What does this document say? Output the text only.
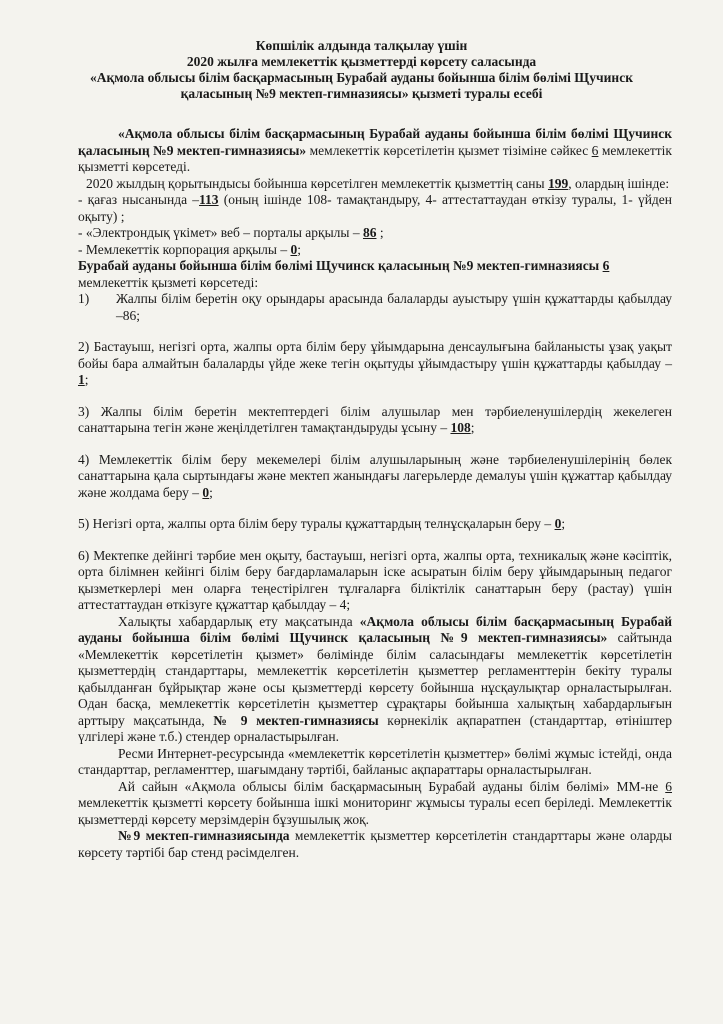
Көпшілік алдында талқылау үшін
2020 жылға мемлекеттік қызметтерді көрсету саласында
«Ақмола облысы білім басқармасының Бурабай ауданы бойынша білім бөлімі Щучинск
қаласының №9 мектеп-гимназиясы» қызметі туралы есебі

«Ақмола облысы білім басқармасының Бурабай ауданы бойынша білім бөлімі Щучинск қаласының №9 мектеп-гимназиясы» мемлекеттік көрсетілетін қызмет тізіміне сәйкес 6 мемлекеттік қызметті көрсетеді.

2020 жылдың қорытындысы бойынша көрсетілген мемлекеттік қызметтің саны 199, олардың ішінде:

- қағаз нысанында –113 (оның ішінде 108- тамақтандыру, 4- аттестаттаудан өткізу туралы, 1- үйден оқыту) ;

- «Электрондық үкімет» веб – порталы арқылы – 86 ;

- Мемлекеттік корпорация арқылы – 0;

Бурабай ауданы бойынша білім бөлімі Щучинск қаласының №9 мектеп-гимназиясы 6
мемлекеттік қызметі көрсетеді:

1)	Жалпы білім беретін оқу орындары арасында балаларды ауыстыру үшін құжаттарды қабылдау –86;

2) Бастауыш, негізгі орта, жалпы орта білім беру ұйымдарына денсаулығына байланысты ұзақ уақыт бойы бара алмайтын балаларды үйде жеке тегін оқытуды ұйымдастыру үшін құжаттарды қабылдау – 1;

3) Жалпы білім беретін мектептердегі білім алушылар мен тәрбиеленушілердің жекелеген санаттарына тегін және жеңілдетілген тамақтандыруды ұсыну – 108;

4) Мемлекеттік білім беру мекемелері білім алушыларының және тәрбиеленушілерінің бөлек санаттарына қала сыртындағы және мектеп жанындағы лагерьлерде демалуы үшін құжаттар қабылдау және жолдама беру – 0;

5) Негізгі орта, жалпы орта білім беру туралы құжаттардың телнұсқаларын беру – 0;

6) Мектепке дейінгі тәрбие мен оқыту, бастауыш, негізгі орта, жалпы орта, техникалық және кәсіптік, орта білімнен кейінгі білім беру бағдарламаларын іске асыратын білім беру ұйымдарының педагог қызметкерлері мен оларға теңестірілген тұлғаларға біліктілік санаттарын беру (растау) үшін аттестаттаудан өткізуге құжаттар қабылдау – 4;

Халықты хабардарлық ету мақсатында «Ақмола облысы білім басқармасының Бурабай ауданы бойынша білім бөлімі Щучинск қаласының №9 мектеп-гимназиясы» сайтында «Мемлекеттік көрсетілетін қызмет» бөлімінде білім саласындағы мемлекеттік көрсетілетін қызметтердің стандарттары, мемлекеттік көрсетілетін қызметтер регламенттерін бекіту туралы қабылданған бұйрықтар және осы қызметтерді көрсету бойынша нұсқаулықтар орналастырылған. Одан басқа, мемлекеттік көрсетілетін қызметтер сұрақтары бойынша халықтың хабардарлығын арттыру мақсатында, № 9 мектеп-гимназиясы көрнекілік ақпаратпен (стандарттар, өтініштер үлгілері және т.б.) стендер орналастырылған.

Ресми Интернет-ресурсында «мемлекеттік көрсетілетін қызметтер» бөлімі жұмыс істейді, онда стандарттар, регламенттер, шағымдану тәртібі, байланыс ақпараттары орналастырылған.

Ай сайын «Ақмола облысы білім басқармасының Бурабай ауданы білім бөлімі» ММ-не 6 мемлекеттік қызметті көрсету бойынша ішкі мониторинг жұмысы туралы есеп беріледі. Мемлекеттік қызметтерді көрсету мерзімдерін бұзушылық жоқ.

№9 мектеп-гимназиясында мемлекеттік қызметтер көрсетілетін стандарттары және оларды көрсету тәртібі бар стенд рәсімделген.
